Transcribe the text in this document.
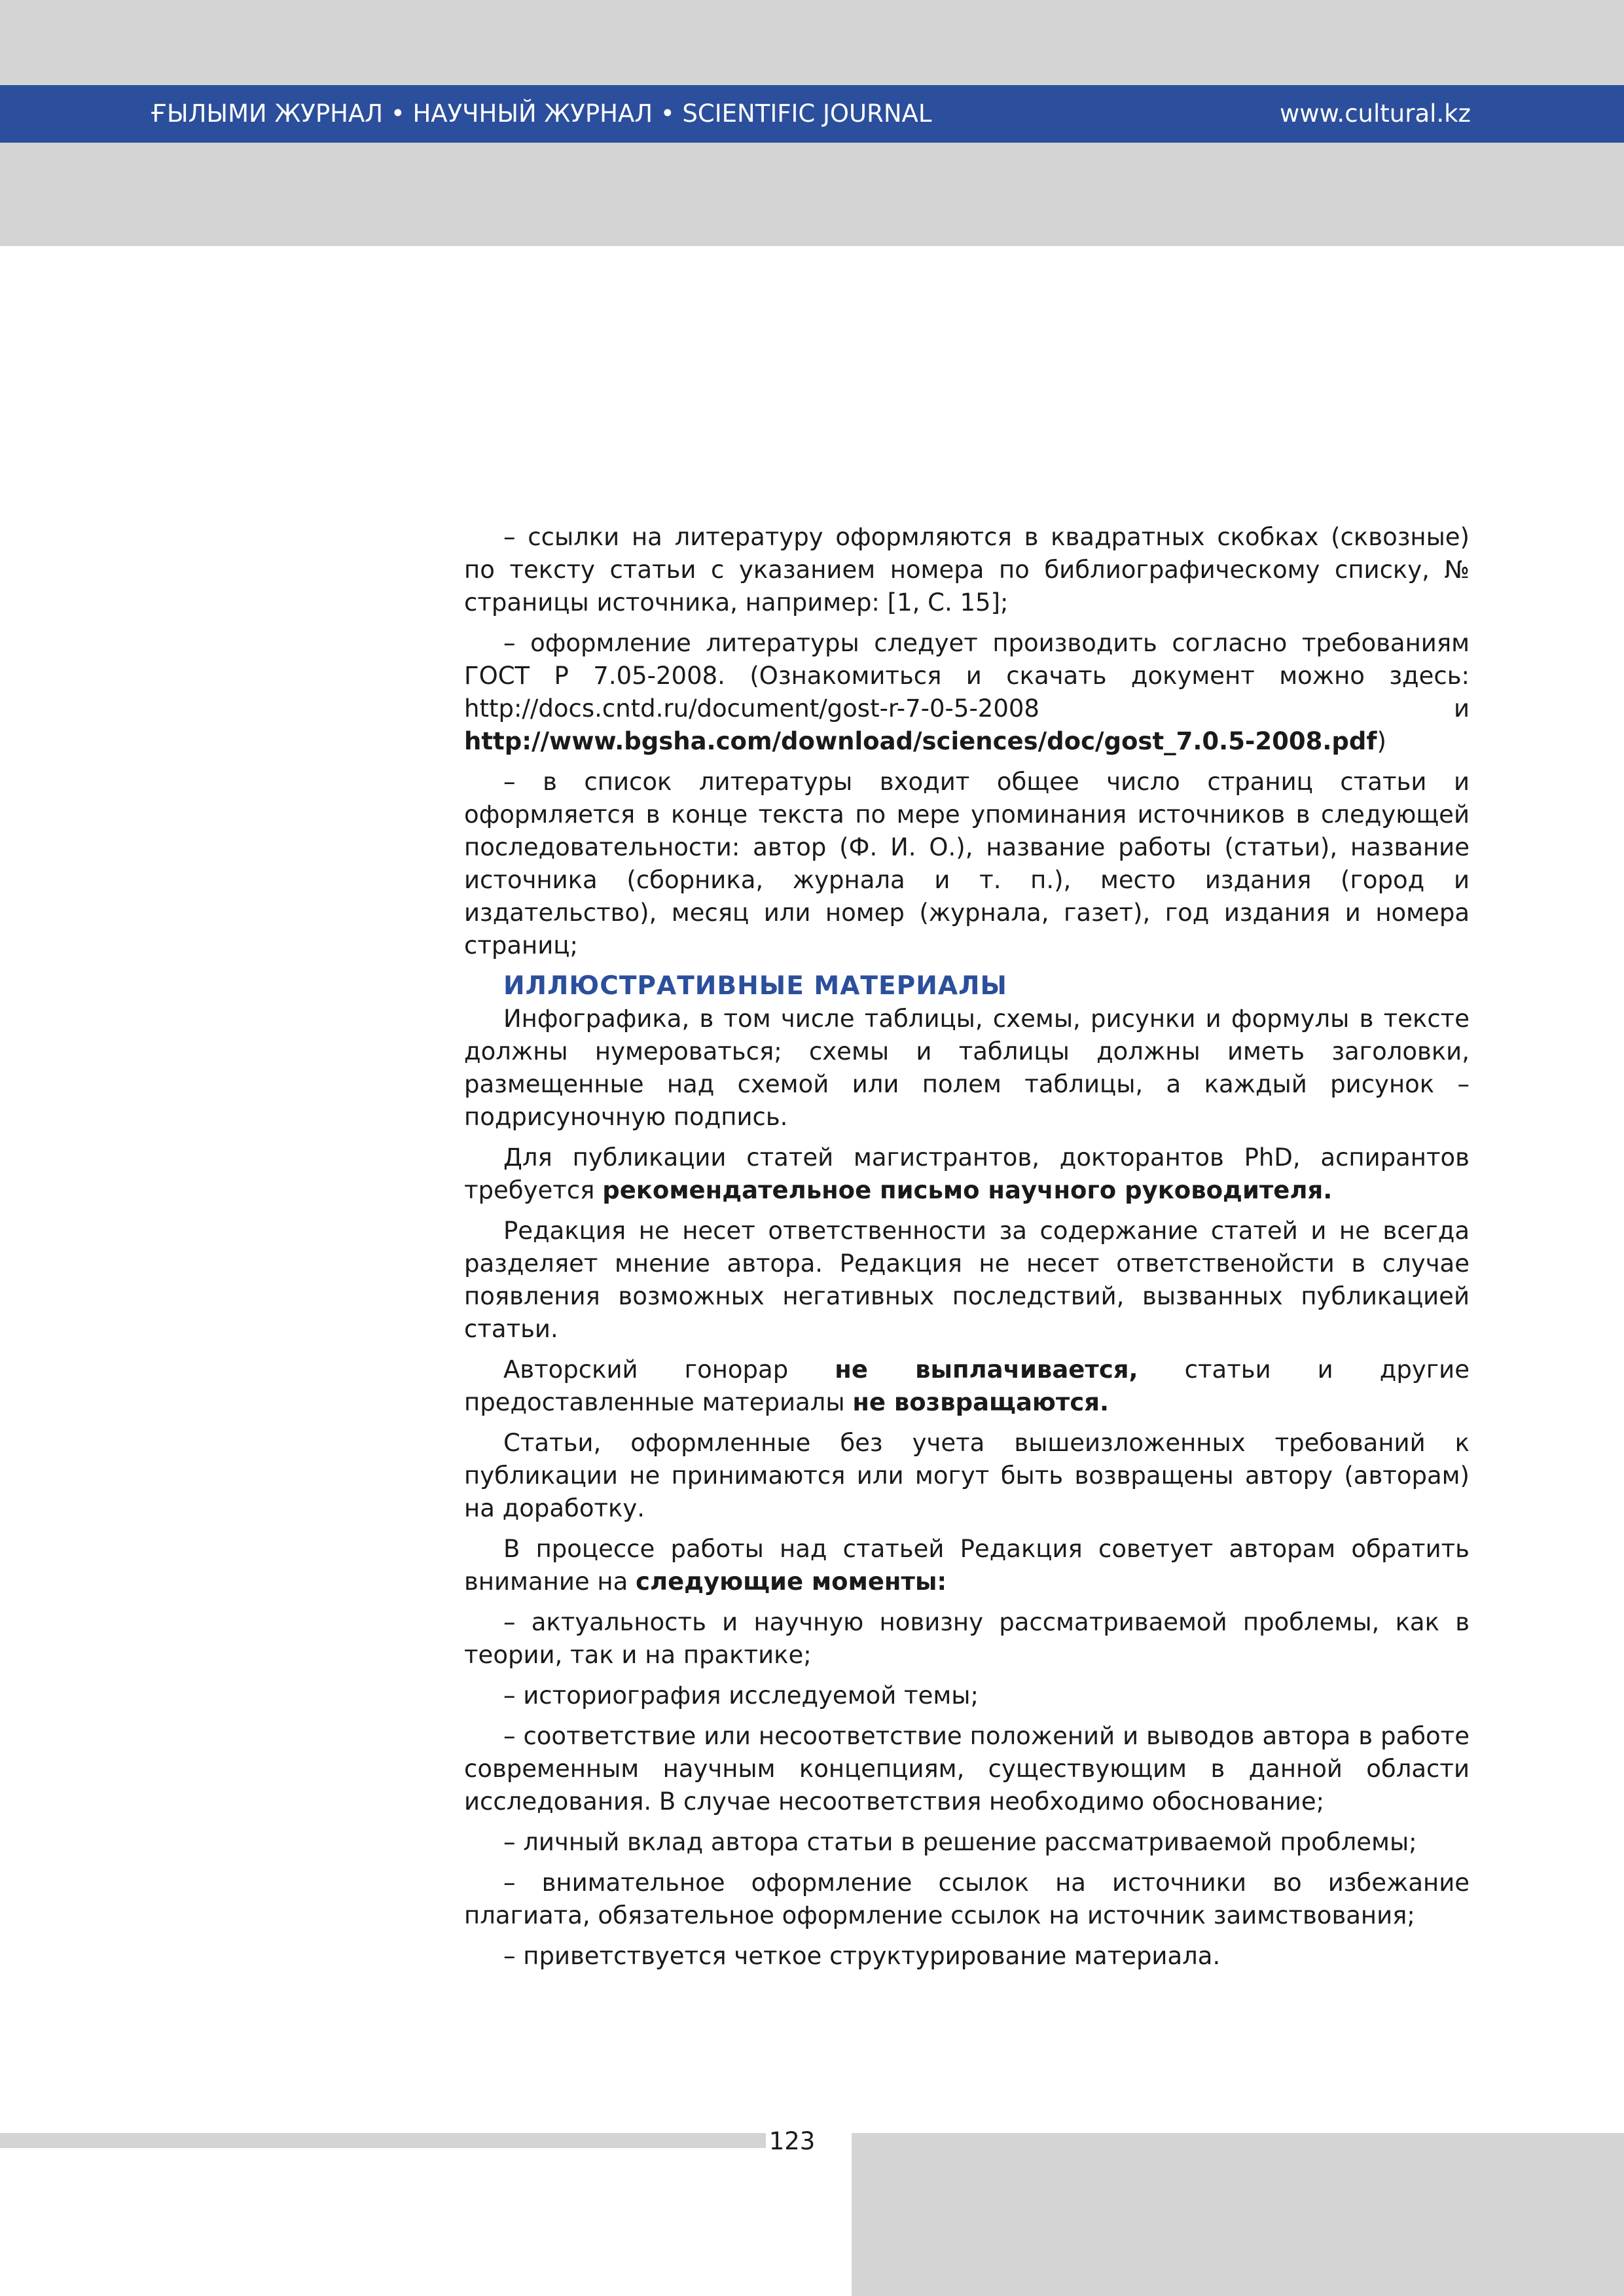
ҒЫЛЫМИ ЖУРНАЛ • НАУЧНЫЙ ЖУРНАЛ • SCIENTIFIC JOURNAL	www.cultural.kz

– ссылки на литературу оформляются в квадратных скобках (сквозные) по тексту статьи с указанием номера по библиографическому списку, № страницы источника, например: [1, С. 15];

– оформление литературы следует производить согласно требованиям ГОСТ Р 7.05-2008. (Ознакомиться и скачать документ можно здесь: http://docs.cntd.ru/document/gost-r-7-0-5-2008 и http://www.bgsha.com/download/sciences/doc/gost_7.0.5-2008.pdf)

– в список литературы входит общее число страниц статьи и оформляется в конце текста по мере упоминания источников в следующей последовательности: автор (Ф. И. О.), название работы (статьи), название источника (сборника, журнала и т. п.), место издания (город и издательство), месяц или номер (журнала, газет), год издания и номера страниц;

ИЛЛЮСТРАТИВНЫЕ МАТЕРИАЛЫ

Инфографика, в том числе таблицы, схемы, рисунки и формулы в тексте должны нумероваться; схемы и таблицы должны иметь заголовки, размещенные над схемой или полем таблицы, а каждый рисунок – подрисуночную подпись.

Для публикации статей магистрантов, докторантов PhD, аспирантов требуется рекомендательное письмо научного руководителя.

Редакция не несет ответственности за содержание статей и не всегда разделяет мнение автора. Редакция не несет ответственойсти в случае появления возможных негативных последствий, вызванных публикацией статьи.

Авторский гонорар не выплачивается, статьи и другие предоставленные материалы не возвращаются.

Статьи, оформленные без учета вышеизложенных требований к публикации не принимаются или могут быть возвращены автору (авторам) на доработку.

В процессе работы над статьей Редакция советует авторам обратить внимание на следующие моменты:

– актуальность и научную новизну рассматриваемой проблемы, как в теории, так и на практике;

– историография исследуемой темы;

– соответствие или несоответствие положений и выводов автора в работе современным научным концепциям, существующим в данной области исследования. В случае несоответствия необходимо обоснование;

– личный вклад автора статьи в решение рассматриваемой проблемы;

– внимательное оформление ссылок на источники во избежание плагиата, обязательное оформление ссылок на источник заимствования;

– приветствуется четкое структурирование материала.

123
